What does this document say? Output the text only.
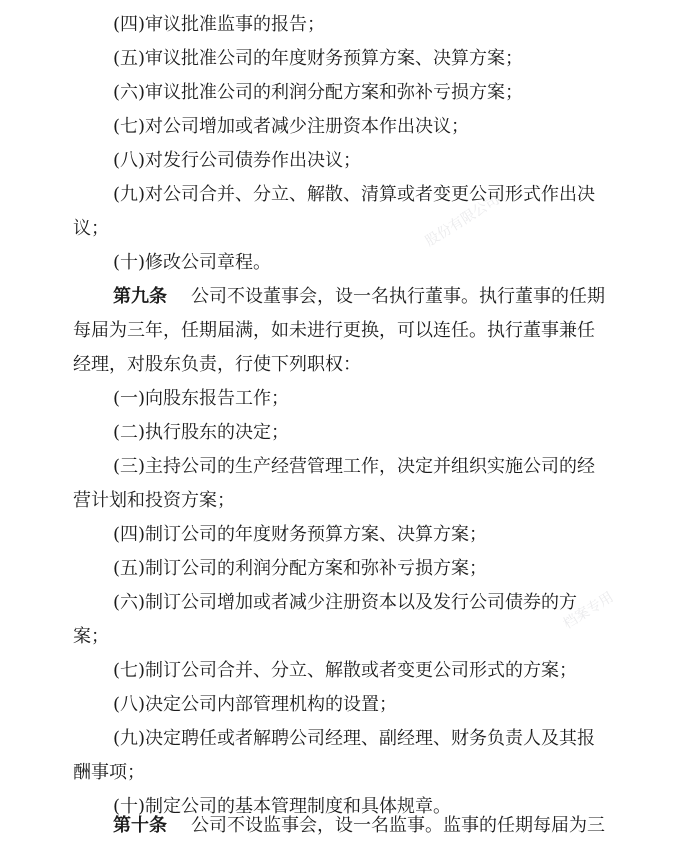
股份有限公司
档案专用
(四)审议批准监事的报告；
(五)审议批准公司的年度财务预算方案、决算方案；
(六)审议批准公司的利润分配方案和弥补亏损方案；
(七)对公司增加或者减少注册资本作出决议；
(八)对发行公司债券作出决议；
(九)对公司合并、分立、解散、清算或者变更公司形式作出决
议；
(十)修改公司章程。
第九条 公司不设董事会，设一名执行董事。执行董事的任期
每届为三年，任期届满，如未进行更换，可以连任。执行董事兼任
经理，对股东负责，行使下列职权：
(一)向股东报告工作；
(二)执行股东的决定；
(三)主持公司的生产经营管理工作，决定并组织实施公司的经
营计划和投资方案；
(四)制订公司的年度财务预算方案、决算方案；
(五)制订公司的利润分配方案和弥补亏损方案；
(六)制订公司增加或者减少注册资本以及发行公司债券的方
案；
(七)制订公司合并、分立、解散或者变更公司形式的方案；
(八)决定公司内部管理机构的设置；
(九)决定聘任或者解聘公司经理、副经理、财务负责人及其报
酬事项；
(十)制定公司的基本管理制度和具体规章。
第十条 公司不设监事会，设一名监事。监事的任期每届为三
